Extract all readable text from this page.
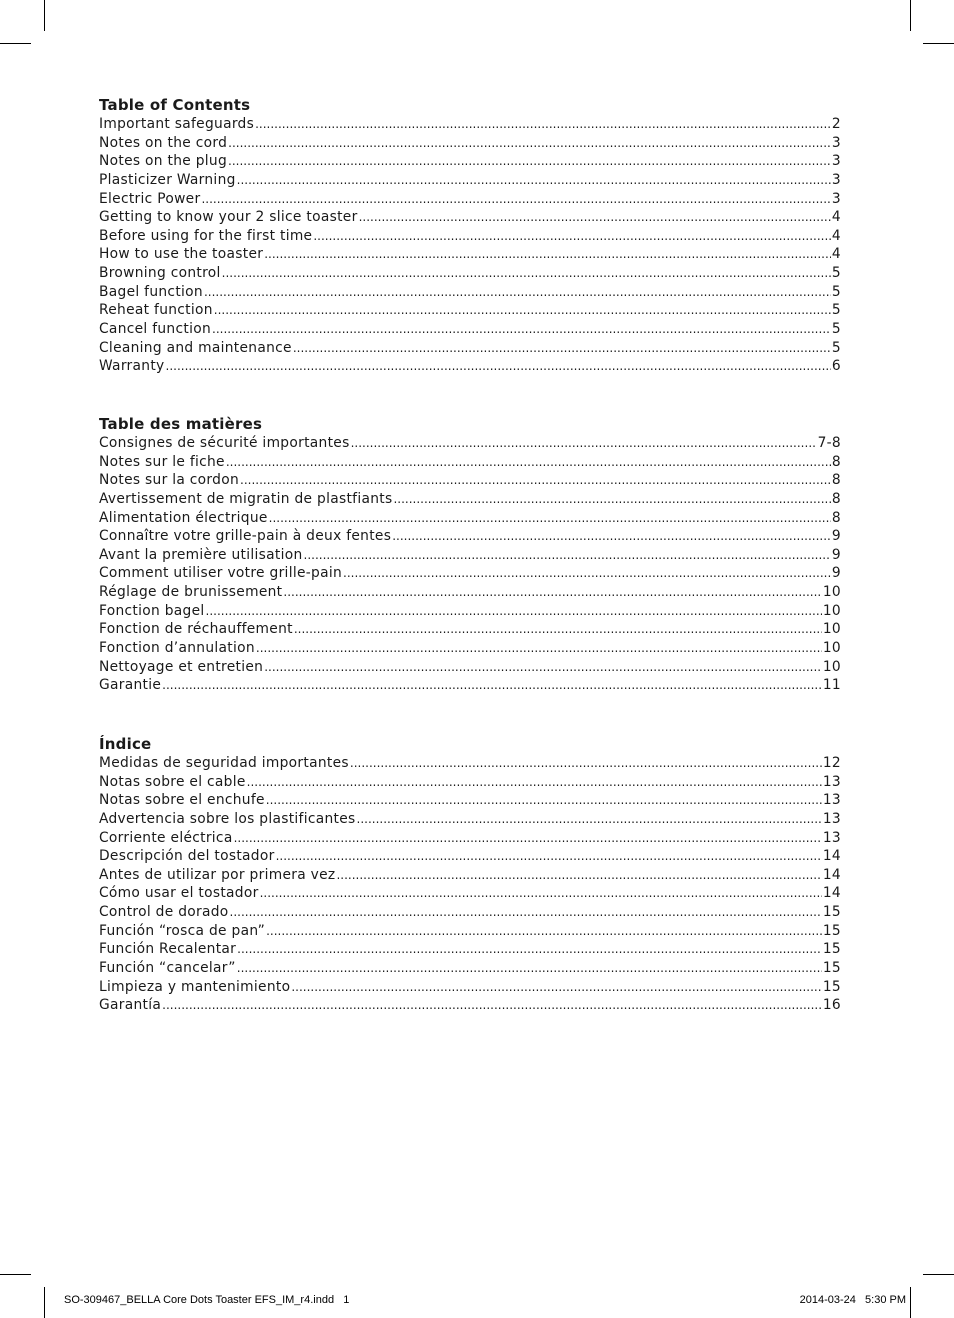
Table of Contents
Important safeguards .....	2
Notes on the cord .....	3
Notes on the plug .....	3
Plasticizer Warning .....	3
Electric Power .....	3
Getting to know your 2 slice toaster .....	4
Before using for the first time .....	4
How to use the toaster .....	4
Browning control .....	5
Bagel function .....	5
Reheat function .....	5
Cancel function .....	5
Cleaning and maintenance .....	5
Warranty .....	6
Table des matières
Consignes de sécurité importantes .....	7-8
Notes sur le fiche .....	8
Notes sur la cordon .....	8
Avertissement de migratin de plastfiants .....	8
Alimentation électrique .....	8
Connaître votre grille-pain à deux fentes .....	9
Avant la première utilisation .....	9
Comment utiliser votre grille-pain .....	9
Réglage de brunissement .....	10
Fonction bagel .....	10
Fonction de réchauffement .....	10
Fonction d’annulation .....	10
Nettoyage et entretien .....	10
Garantie .....	11
Índice
Medidas de seguridad importantes .....	12
Notas sobre el cable .....	13
Notas sobre el enchufe .....	13
Advertencia sobre los plastificantes .....	13
Corriente eléctrica .....	13
Descripción del tostador .....	14
Antes de utilizar por primera vez .....	14
Cómo usar el tostador .....	14
Control de dorado .....	15
Función “rosca de pan” .....	15
Función Recalentar .....	15
Función “cancelar” .....	15
Limpieza y mantenimiento .....	15
Garantía .....	16
SO-309467_BELLA Core Dots Toaster EFS_IM_r4.indd   1	2014-03-24   5:30 PM
